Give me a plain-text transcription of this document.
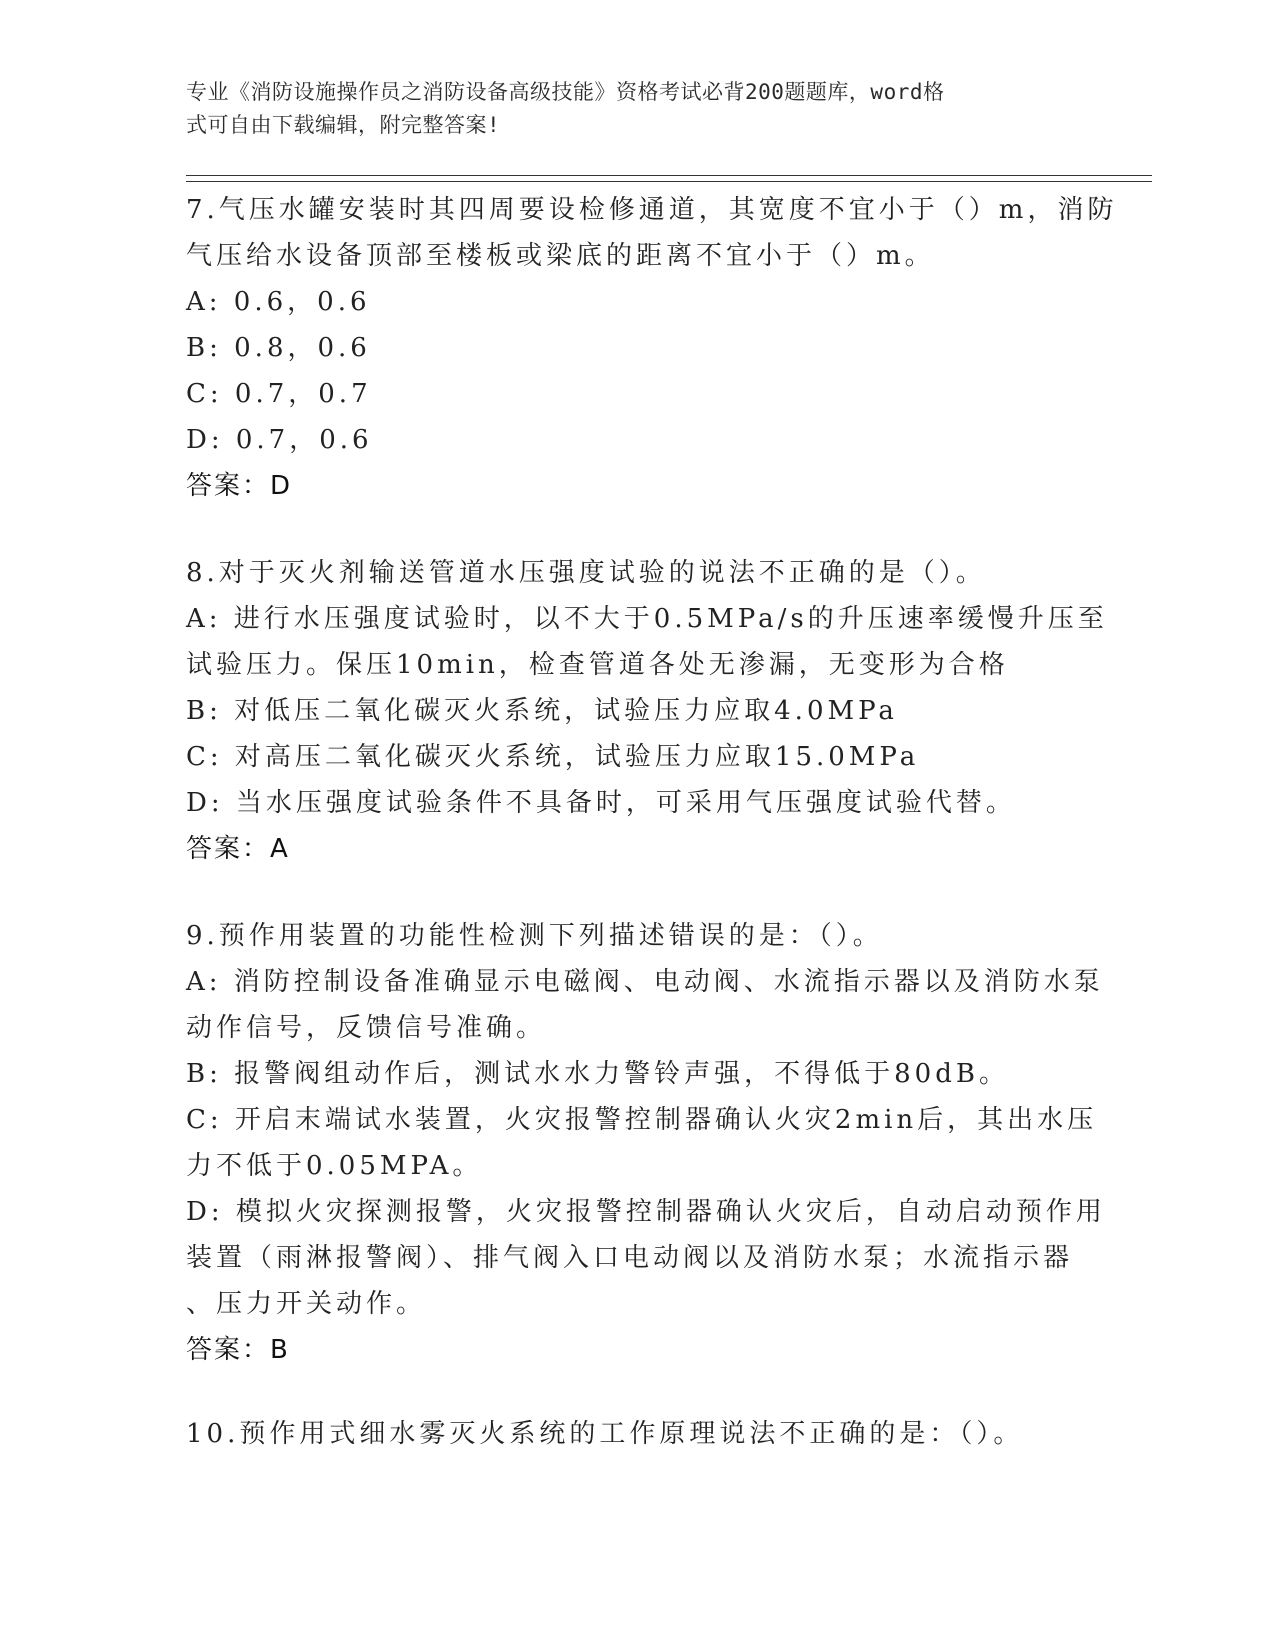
专业《消防设施操作员之消防设备高级技能》资格考试必背200题题库，word格
式可自由下载编辑，附完整答案!
7.气压水罐安装时其四周要设检修通道，其宽度不宜小于（）m，消防
气压给水设备顶部至楼板或梁底的距离不宜小于（）m。
A: 0.6，0.6
B: 0.8，0.6
C: 0.7，0.7
D: 0.7，0.6
答案：D
8.对于灭火剂输送管道水压强度试验的说法不正确的是（）。
A: 进行水压强度试验时，以不大于0.5MPa/s的升压速率缓慢升压至
试验压力。保压10min，检查管道各处无渗漏，无变形为合格
B: 对低压二氧化碳灭火系统，试验压力应取4.0MPa
C: 对高压二氧化碳灭火系统，试验压力应取15.0MPa
D: 当水压强度试验条件不具备时，可采用气压强度试验代替。
答案：A
9.预作用装置的功能性检测下列描述错误的是：（）。
A: 消防控制设备准确显示电磁阀、电动阀、水流指示器以及消防水泵
动作信号，反馈信号准确。
B: 报警阀组动作后，测试水水力警铃声强，不得低于80dB。
C: 开启末端试水装置，火灾报警控制器确认火灾2min后，其出水压
力不低于0.05MPA。
D: 模拟火灾探测报警，火灾报警控制器确认火灾后，自动启动预作用
装置（雨淋报警阀）、排气阀入口电动阀以及消防水泵；水流指示器
、压力开关动作。
答案：B
10.预作用式细水雾灭火系统的工作原理说法不正确的是：（）。
